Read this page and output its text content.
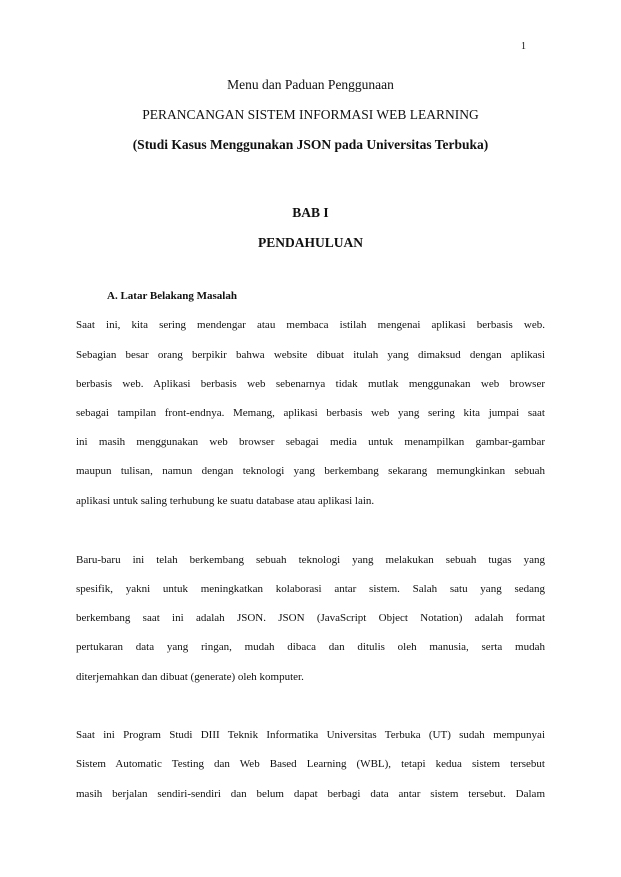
1
Menu dan Paduan Penggunaan
PERANCANGAN SISTEM INFORMASI WEB LEARNING
(Studi Kasus Menggunakan JSON pada Universitas Terbuka)
BAB I
PENDAHULUAN
A. Latar Belakang Masalah
Saat ini, kita sering mendengar atau membaca istilah mengenai aplikasi berbasis web.
Sebagian besar orang berpikir bahwa website dibuat itulah yang dimaksud dengan aplikasi
berbasis web. Aplikasi berbasis web sebenarnya tidak mutlak menggunakan web browser
sebagai tampilan front-endnya. Memang, aplikasi berbasis web yang sering kita jumpai saat
ini masih menggunakan web browser sebagai media untuk menampilkan gambar-gambar
maupun tulisan, namun dengan teknologi yang berkembang sekarang memungkinkan sebuah
aplikasi untuk saling terhubung ke suatu database atau aplikasi lain.
Baru-baru ini telah berkembang sebuah teknologi yang melakukan sebuah tugas yang
spesifik, yakni untuk meningkatkan kolaborasi antar sistem. Salah satu yang sedang
berkembang saat ini adalah JSON. JSON (JavaScript Object Notation) adalah format
pertukaran data yang ringan, mudah dibaca dan ditulis oleh manusia, serta mudah
diterjemahkan dan dibuat (generate) oleh komputer.
Saat ini Program Studi DIII Teknik Informatika Universitas Terbuka (UT) sudah mempunyai
Sistem Automatic Testing dan Web Based Learning (WBL), tetapi kedua sistem tersebut
masih berjalan sendiri-sendiri dan belum dapat berbagi data antar sistem tersebut. Dalam
